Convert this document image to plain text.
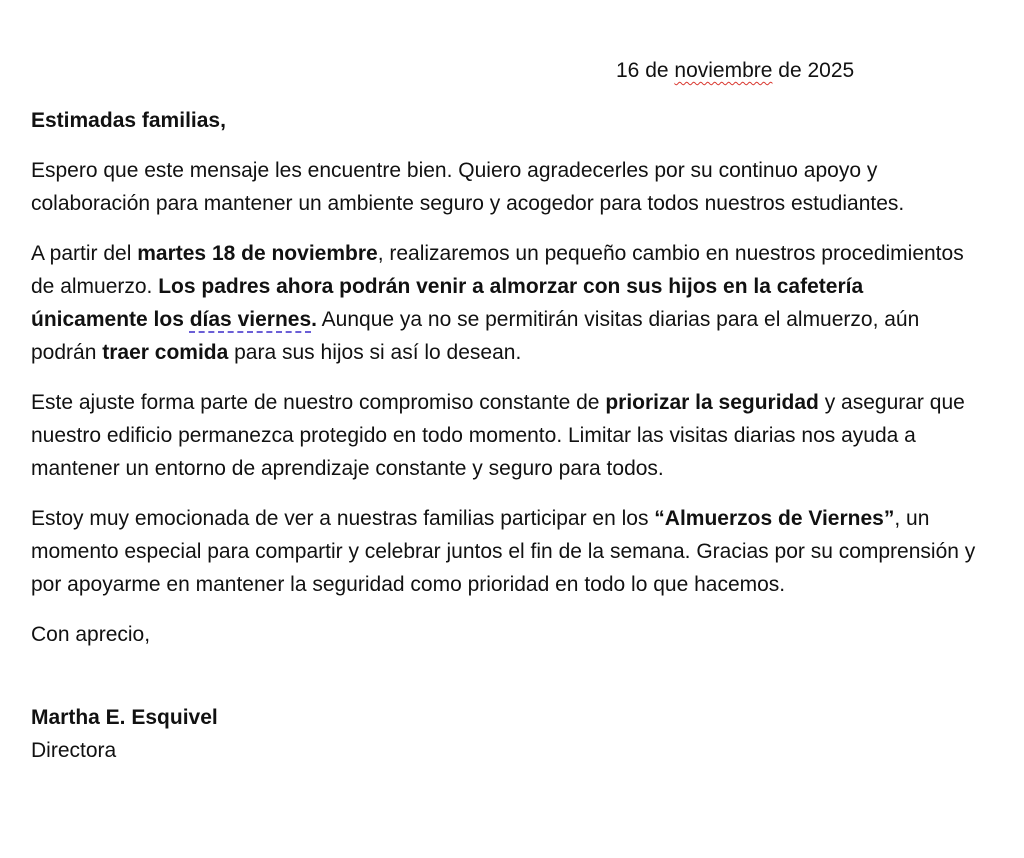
16 de noviembre de 2025

Estimadas familias,

Espero que este mensaje les encuentre bien. Quiero agradecerles por su continuo apoyo y colaboración para mantener un ambiente seguro y acogedor para todos nuestros estudiantes.

A partir del martes 18 de noviembre, realizaremos un pequeño cambio en nuestros procedimientos de almuerzo. Los padres ahora podrán venir a almorzar con sus hijos en la cafetería únicamente los días viernes. Aunque ya no se permitirán visitas diarias para el almuerzo, aún podrán traer comida para sus hijos si así lo desean.

Este ajuste forma parte de nuestro compromiso constante de priorizar la seguridad y asegurar que nuestro edificio permanezca protegido en todo momento. Limitar las visitas diarias nos ayuda a mantener un entorno de aprendizaje constante y seguro para todos.

Estoy muy emocionada de ver a nuestras familias participar en los “Almuerzos de Viernes”, un momento especial para compartir y celebrar juntos el fin de la semana. Gracias por su comprensión y por apoyarme en mantener la seguridad como prioridad en todo lo que hacemos.

Con aprecio,

Martha E. Esquivel
Directora
